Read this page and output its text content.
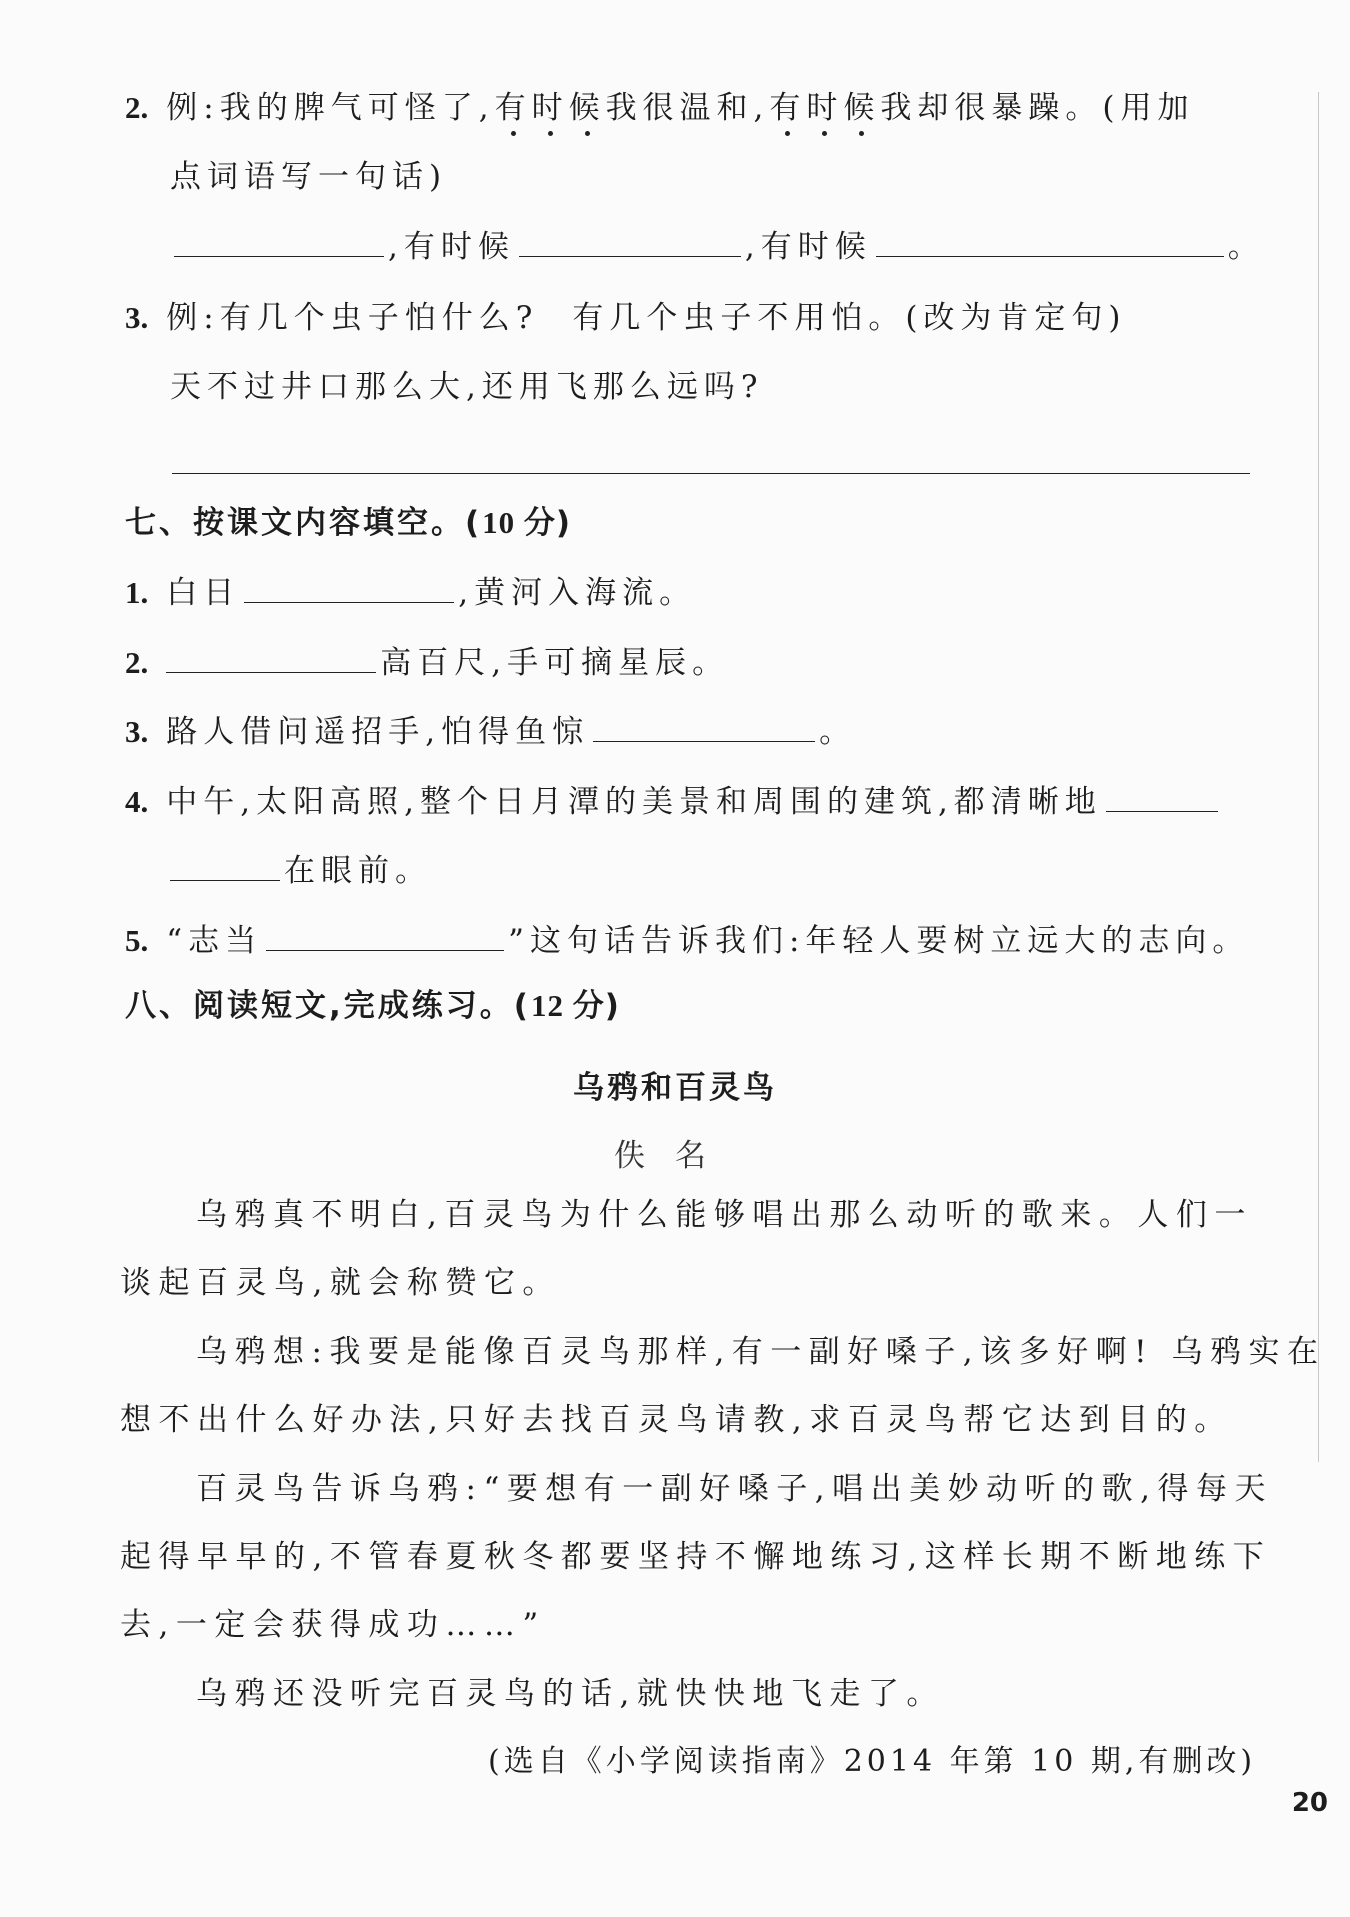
2. 例:我的脾气可怪了,有时候我很温和,有时候我却很暴躁。(用加
点词语写一句话)
,有时候	,有时候	。
3. 例:有几个虫子怕什么? 有几个虫子不用怕。(改为肯定句)
天不过井口那么大,还用飞那么远吗?
七、按课文内容填空。(10 分)
1. 白日	,黄河入海流。
2.	高百尺,手可摘星辰。
3. 路人借问遥招手,怕得鱼惊	。
4. 中午,太阳高照,整个日月潭的美景和周围的建筑,都清晰地
在眼前。
5. “志当	”这句话告诉我们:年轻人要树立远大的志向。
八、阅读短文,完成练习。(12 分)
乌鸦和百灵鸟
佚名
乌鸦真不明白,百灵鸟为什么能够唱出那么动听的歌来。人们一
谈起百灵鸟,就会称赞它。
乌鸦想:我要是能像百灵鸟那样,有一副好嗓子,该多好啊! 乌鸦实在
想不出什么好办法,只好去找百灵鸟请教,求百灵鸟帮它达到目的。
百灵鸟告诉乌鸦:“要想有一副好嗓子,唱出美妙动听的歌,得每天
起得早早的,不管春夏秋冬都要坚持不懈地练习,这样长期不断地练下
去,一定会获得成功……”
乌鸦还没听完百灵鸟的话,就快快地飞走了。
(选自《小学阅读指南》2014 年第 10 期,有删改)
20
